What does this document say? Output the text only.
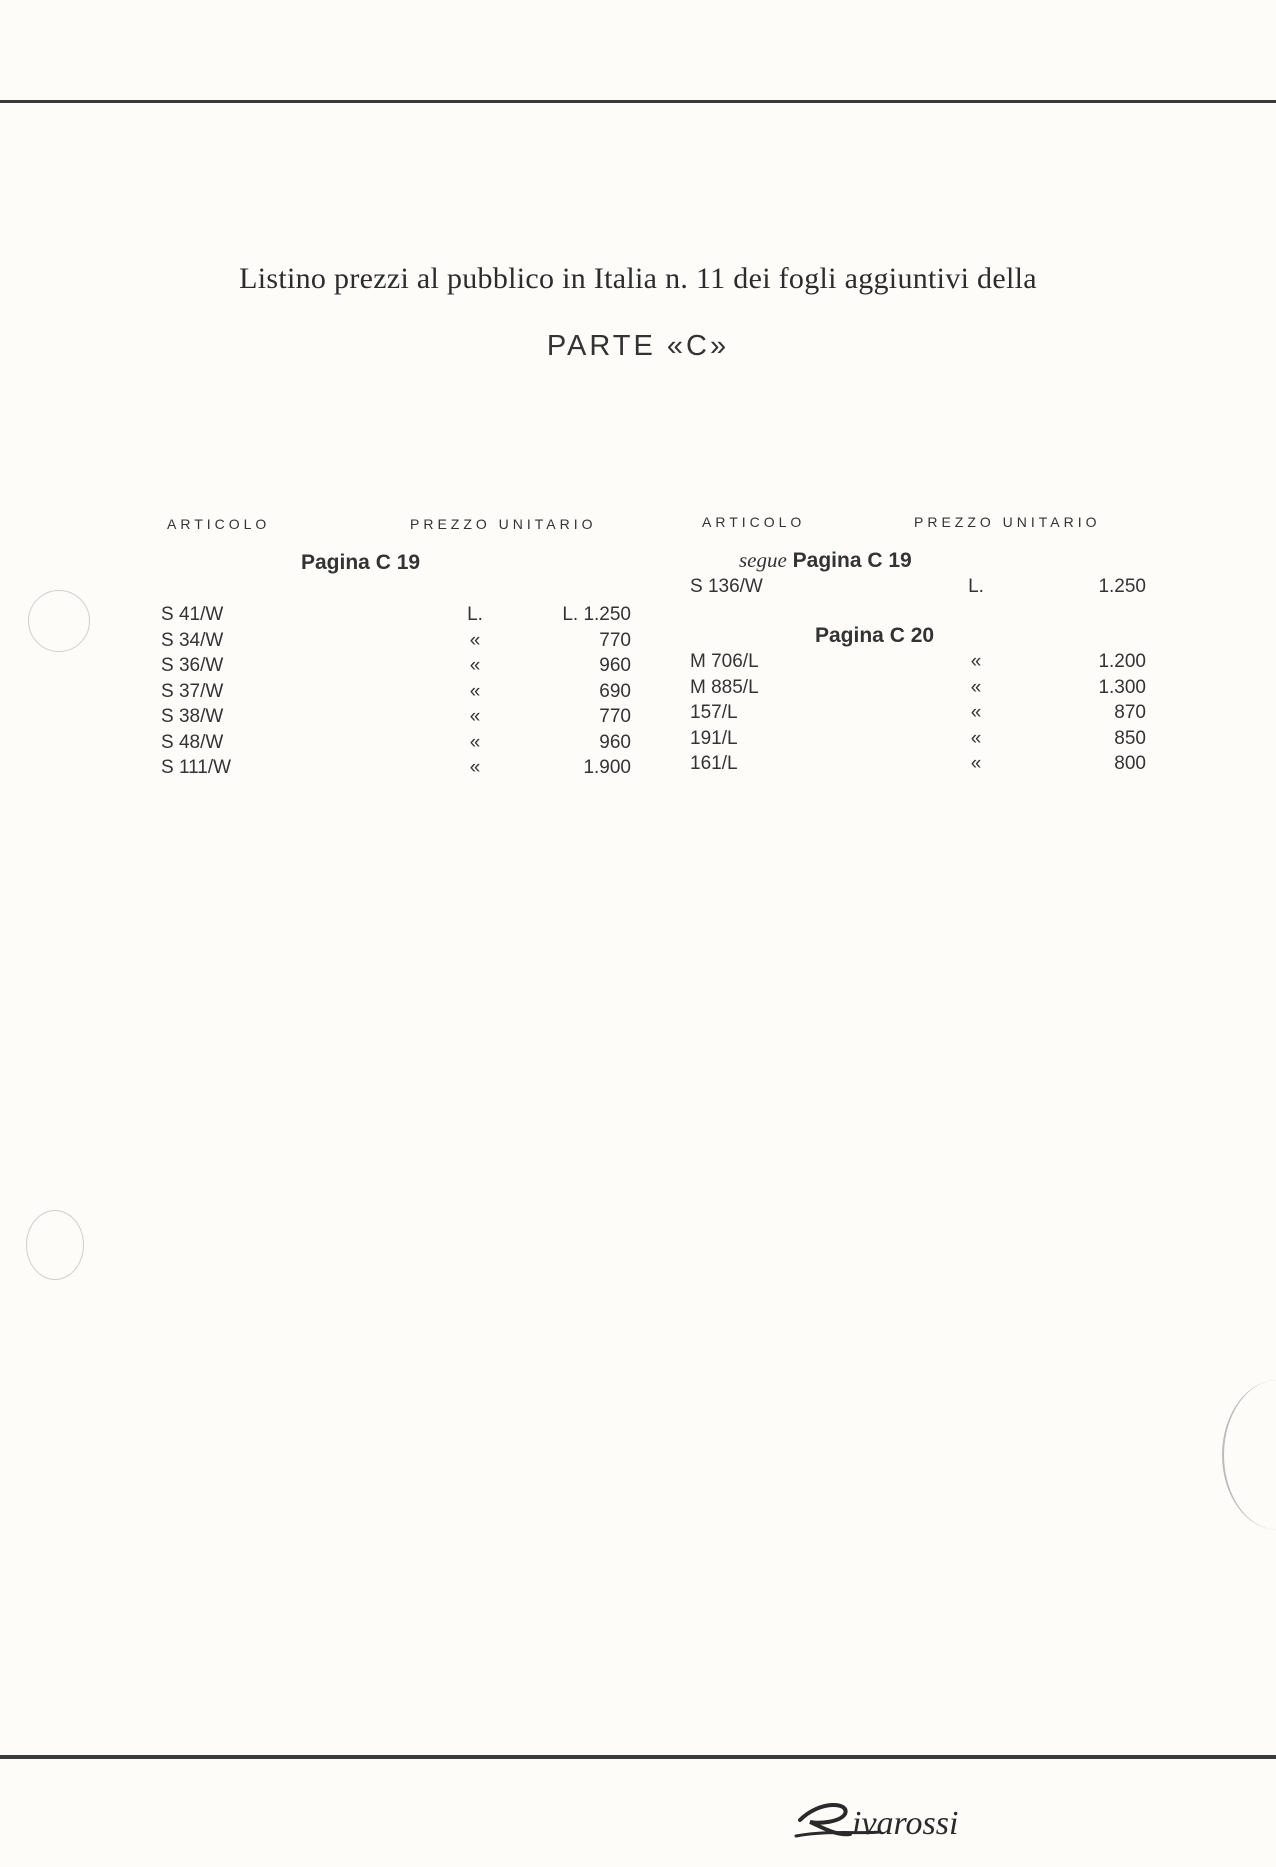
Listino prezzi al pubblico in Italia n. 11 dei fogli aggiuntivi della
PARTE «C»
ARTICOLO	PREZZO UNITARIO	ARTICOLO	PREZZO UNITARIO
Pagina C 19
S 41/W	L.	L. 1.250
S 34/W	«	770
S 36/W	«	960
S 37/W	«	690
S 38/W	«	770
S 48/W	«	960
S 111/W	«	1.900
segue Pagina C 19
S 136/W	L.	1.250
Pagina C 20
M 706/L	«	1.200
M 885/L	«	1.300
157/L	«	870
191/L	«	850
161/L	«	800
ivarossi
